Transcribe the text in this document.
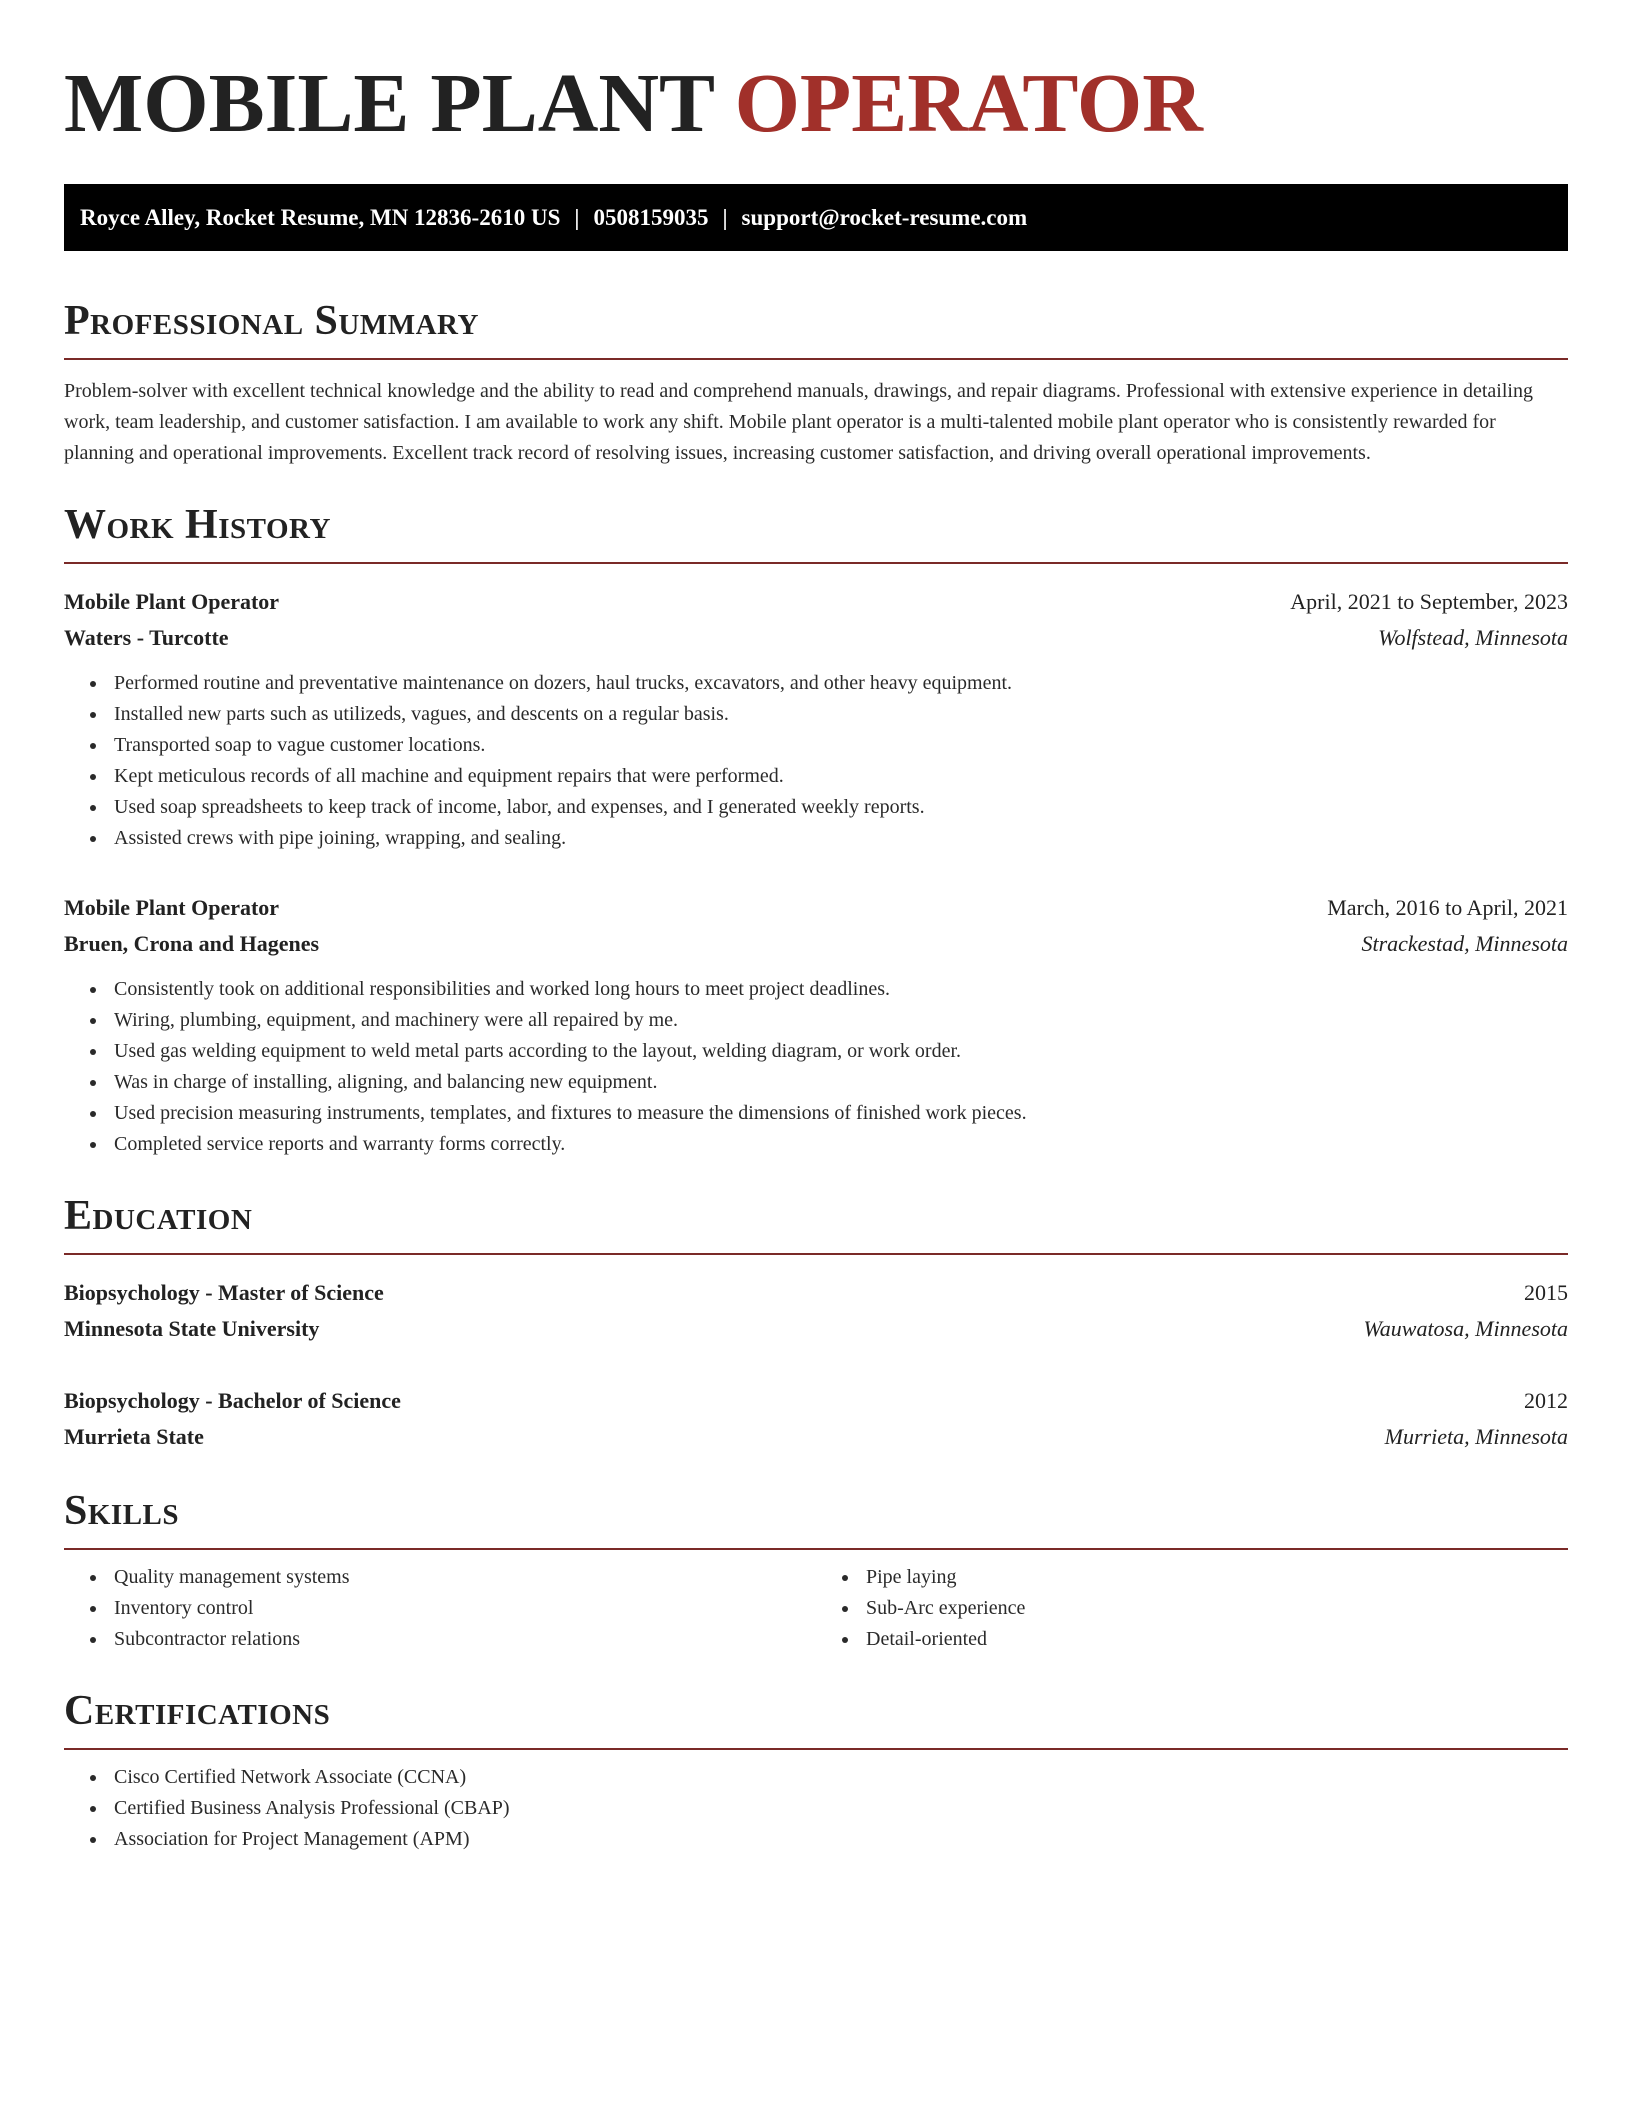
MOBILE PLANT OPERATOR
Royce Alley, Rocket Resume, MN 12836-2610 US | 0508159035 | support@rocket-resume.com
Professional Summary

Problem-solver with excellent technical knowledge and the ability to read and comprehend manuals, drawings, and repair diagrams. Professional with extensive experience in detailing work, team leadership, and customer satisfaction. I am available to work any shift. Mobile plant operator is a multi-talented mobile plant operator who is consistently rewarded for planning and operational improvements. Excellent track record of resolving issues, increasing customer satisfaction, and driving overall operational improvements.

Work History
Mobile Plant Operator	April, 2021 to September, 2023
Waters - Turcotte	Wolfstead, Minnesota
• Performed routine and preventative maintenance on dozers, haul trucks, excavators, and other heavy equipment.
• Installed new parts such as utilizeds, vagues, and descents on a regular basis.
• Transported soap to vague customer locations.
• Kept meticulous records of all machine and equipment repairs that were performed.
• Used soap spreadsheets to keep track of income, labor, and expenses, and I generated weekly reports.
• Assisted crews with pipe joining, wrapping, and sealing.
Mobile Plant Operator	March, 2016 to April, 2021
Bruen, Crona and Hagenes	Strackestad, Minnesota
• Consistently took on additional responsibilities and worked long hours to meet project deadlines.
• Wiring, plumbing, equipment, and machinery were all repaired by me.
• Used gas welding equipment to weld metal parts according to the layout, welding diagram, or work order.
• Was in charge of installing, aligning, and balancing new equipment.
• Used precision measuring instruments, templates, and fixtures to measure the dimensions of finished work pieces.
• Completed service reports and warranty forms correctly.
Education
Biopsychology - Master of Science	2015
Minnesota State University	Wauwatosa, Minnesota
Biopsychology - Bachelor of Science	2012
Murrieta State	Murrieta, Minnesota
Skills
• Quality management systems
• Inventory control
• Subcontractor relations
• Pipe laying
• Sub-Arc experience
• Detail-oriented
Certifications
• Cisco Certified Network Associate (CCNA)
• Certified Business Analysis Professional (CBAP)
• Association for Project Management (APM)
